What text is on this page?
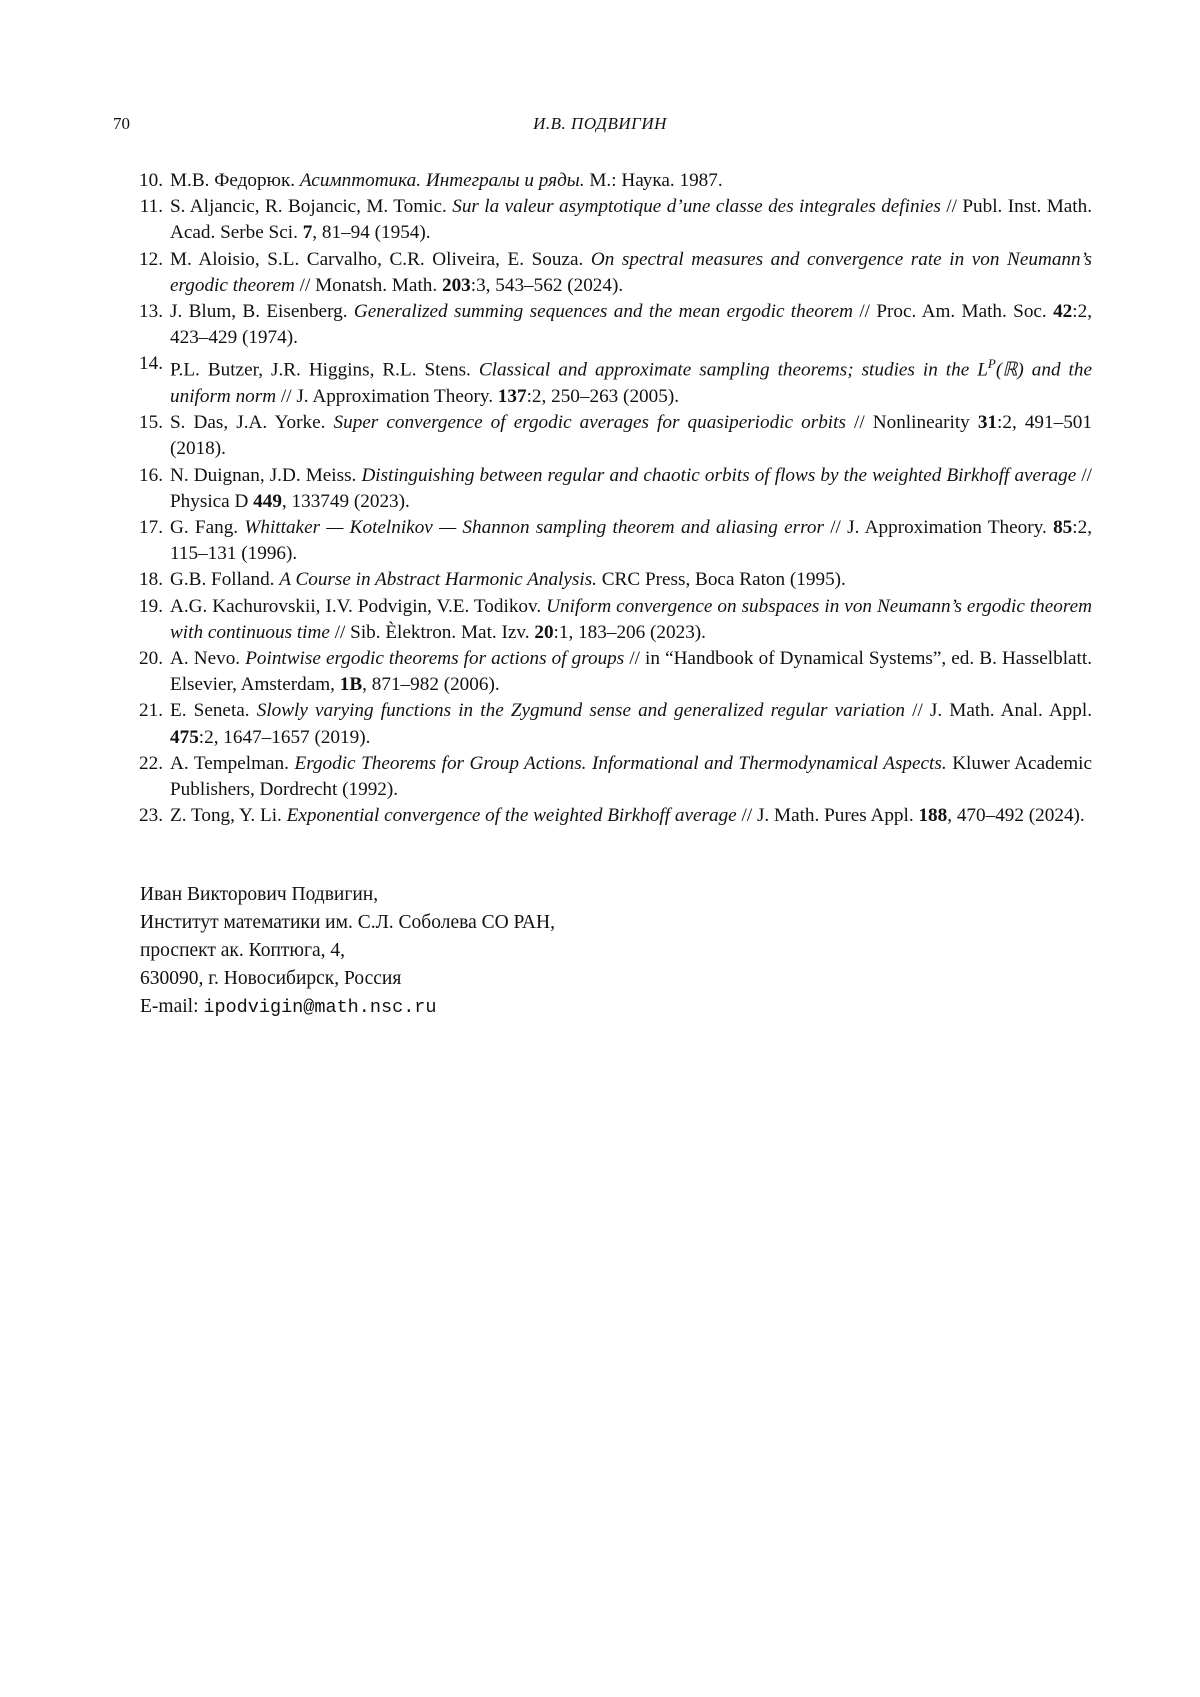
70	И.В. ПОДВИГИН
10. М.В. Федорюк. Асимптотика. Интегралы и ряды. М.: Наука. 1987.
11. S. Aljancic, R. Bojancic, M. Tomic. Sur la valeur asymptotique d’une classe des integrales definies // Publ. Inst. Math. Acad. Serbe Sci. 7, 81–94 (1954).
12. M. Aloisio, S.L. Carvalho, C.R. Oliveira, E. Souza. On spectral measures and convergence rate in von Neumann’s ergodic theorem // Monatsh. Math. 203:3, 543–562 (2024).
13. J. Blum, B. Eisenberg. Generalized summing sequences and the mean ergodic theorem // Proc. Am. Math. Soc. 42:2, 423–429 (1974).
14. P.L. Butzer, J.R. Higgins, R.L. Stens. Classical and approximate sampling theorems; studies in the L$^P$(ℝ) and the uniform norm // J. Approximation Theory. 137:2, 250–263 (2005).
15. S. Das, J.A. Yorke. Super convergence of ergodic averages for quasiperiodic orbits // Nonlinearity 31:2, 491–501 (2018).
16. N. Duignan, J.D. Meiss. Distinguishing between regular and chaotic orbits of flows by the weighted Birkhoff average // Physica D 449, 133749 (2023).
17. G. Fang. Whittaker — Kotelnikov — Shannon sampling theorem and aliasing error // J. Approximation Theory. 85:2, 115–131 (1996).
18. G.B. Folland. A Course in Abstract Harmonic Analysis. CRC Press, Boca Raton (1995).
19. A.G. Kachurovskii, I.V. Podvigin, V.E. Todikov. Uniform convergence on subspaces in von Neumann’s ergodic theorem with continuous time // Sib. Èlektron. Mat. Izv. 20:1, 183–206 (2023).
20. A. Nevo. Pointwise ergodic theorems for actions of groups // in “Handbook of Dynamical Systems”, ed. B. Hasselblatt. Elsevier, Amsterdam, 1B, 871–982 (2006).
21. E. Seneta. Slowly varying functions in the Zygmund sense and generalized regular variation // J. Math. Anal. Appl. 475:2, 1647–1657 (2019).
22. A. Tempelman. Ergodic Theorems for Group Actions. Informational and Thermodynamical Aspects. Kluwer Academic Publishers, Dordrecht (1992).
23. Z. Tong, Y. Li. Exponential convergence of the weighted Birkhoff average // J. Math. Pures Appl. 188, 470–492 (2024).
Иван Викторович Подвигин,
Институт математики им. С.Л. Соболева СО РАН,
проспект ак. Коптюга, 4,
630090, г. Новосибирск, Россия
E-mail: ipodvigin@math.nsc.ru
